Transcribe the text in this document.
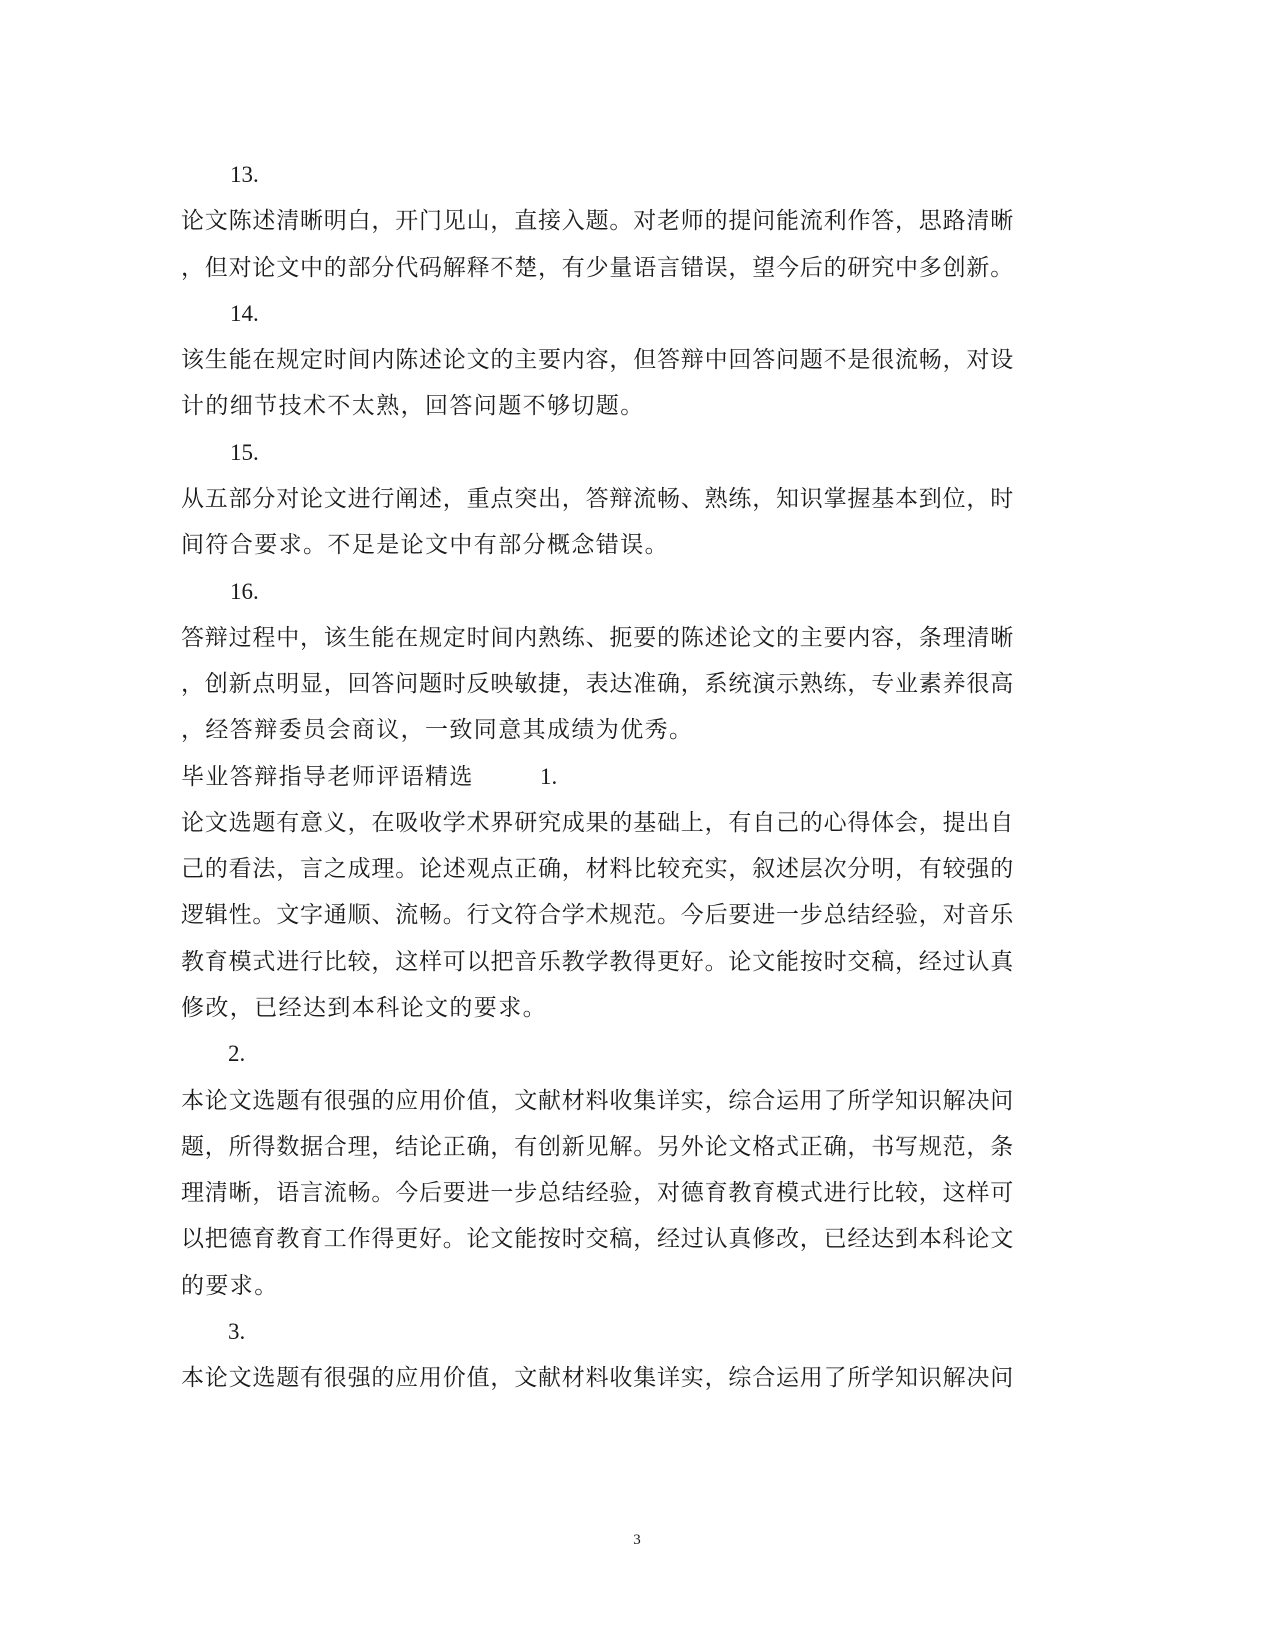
13.
论文陈述清晰明白，开门见山，直接入题。对老师的提问能流利作答，思路清晰
，但对论文中的部分代码解释不楚，有少量语言错误，望今后的研究中多创新。
14.
该生能在规定时间内陈述论文的主要内容，但答辩中回答问题不是很流畅，对设
计的细节技术不太熟，回答问题不够切题。
15.
从五部分对论文进行阐述，重点突出，答辩流畅、熟练，知识掌握基本到位，时
间符合要求。不足是论文中有部分概念错误。
16.
答辩过程中，该生能在规定时间内熟练、扼要的陈述论文的主要内容，条理清晰
，创新点明显，回答问题时反映敏捷，表达准确，系统演示熟练，专业素养很高
，经答辩委员会商议，一致同意其成绩为优秀。
毕业答辩指导老师评语精选	1.
论文选题有意义，在吸收学术界研究成果的基础上，有自己的心得体会，提出自
己的看法，言之成理。论述观点正确，材料比较充实，叙述层次分明，有较强的
逻辑性。文字通顺、流畅。行文符合学术规范。今后要进一步总结经验，对音乐
教育模式进行比较，这样可以把音乐教学教得更好。论文能按时交稿，经过认真
修改，已经达到本科论文的要求。
2.
本论文选题有很强的应用价值，文献材料收集详实，综合运用了所学知识解决问
题，所得数据合理，结论正确，有创新见解。另外论文格式正确，书写规范，条
理清晰，语言流畅。今后要进一步总结经验，对德育教育模式进行比较，这样可
以把德育教育工作得更好。论文能按时交稿，经过认真修改，已经达到本科论文
的要求。
3.
本论文选题有很强的应用价值，文献材料收集详实，综合运用了所学知识解决问
3
